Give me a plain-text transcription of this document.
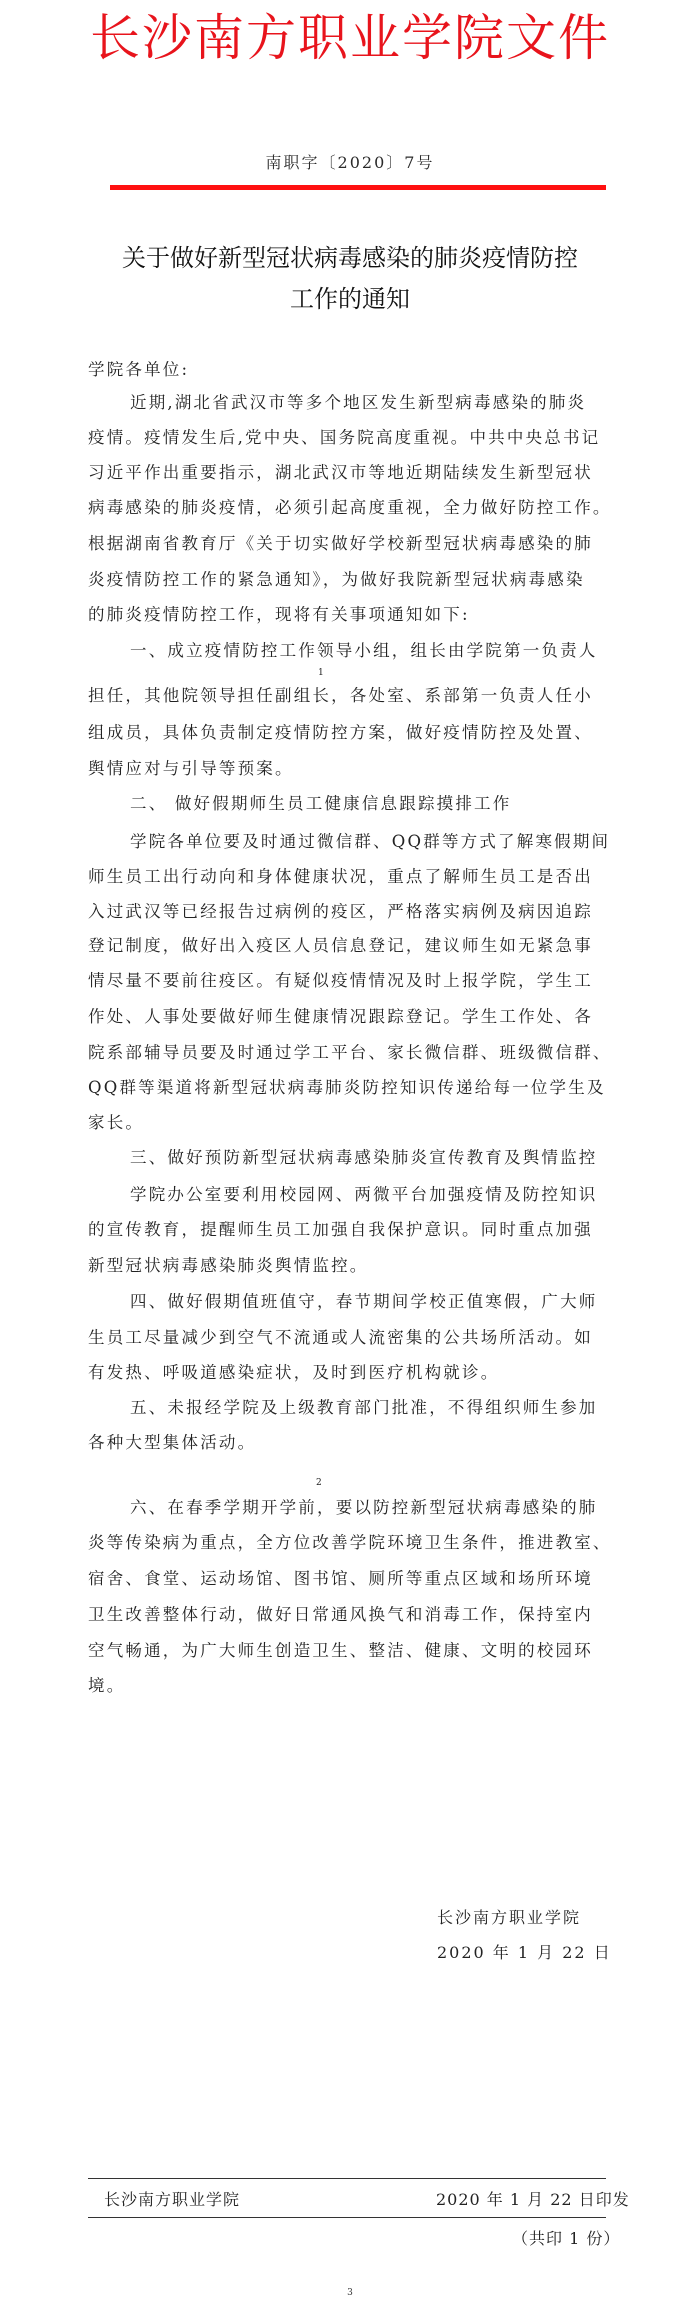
长沙南方职业学院文件
南职字〔2020〕7号
关于做好新型冠状病毒感染的肺炎疫情防控
工作的通知
学院各单位:
近期,湖北省武汉市等多个地区发生新型病毒感染的肺炎
疫情。疫情发生后,党中央、国务院高度重视。中共中央总书记
习近平作出重要指示，湖北武汉市等地近期陆续发生新型冠状
病毒感染的肺炎疫情，必须引起高度重视，全力做好防控工作。
根据湖南省教育厅《关于切实做好学校新型冠状病毒感染的肺
炎疫情防控工作的紧急通知》，为做好我院新型冠状病毒感染
的肺炎疫情防控工作，现将有关事项通知如下:
一、成立疫情防控工作领导小组，组长由学院第一负责人
1
担任，其他院领导担任副组长，各处室、系部第一负责人任小
组成员，具体负责制定疫情防控方案，做好疫情防控及处置、
舆情应对与引导等预案。
二、 做好假期师生员工健康信息跟踪摸排工作
学院各单位要及时通过微信群、QQ群等方式了解寒假期间
师生员工出行动向和身体健康状况，重点了解师生员工是否出
入过武汉等已经报告过病例的疫区，严格落实病例及病因追踪
登记制度，做好出入疫区人员信息登记，建议师生如无紧急事
情尽量不要前往疫区。有疑似疫情情况及时上报学院，学生工
作处、人事处要做好师生健康情况跟踪登记。学生工作处、各
院系部辅导员要及时通过学工平台、家长微信群、班级微信群、
QQ群等渠道将新型冠状病毒肺炎防控知识传递给每一位学生及
家长。
三、做好预防新型冠状病毒感染肺炎宣传教育及舆情监控
学院办公室要利用校园网、两微平台加强疫情及防控知识
的宣传教育，提醒师生员工加强自我保护意识。同时重点加强
新型冠状病毒感染肺炎舆情监控。
四、做好假期值班值守，春节期间学校正值寒假，广大师
生员工尽量减少到空气不流通或人流密集的公共场所活动。如
有发热、呼吸道感染症状，及时到医疗机构就诊。
五、未报经学院及上级教育部门批准，不得组织师生参加
各种大型集体活动。
2
六、在春季学期开学前，要以防控新型冠状病毒感染的肺
炎等传染病为重点，全方位改善学院环境卫生条件，推进教室、
宿舍、食堂、运动场馆、图书馆、厕所等重点区域和场所环境
卫生改善整体行动，做好日常通风换气和消毒工作，保持室内
空气畅通，为广大师生创造卫生、整洁、健康、文明的校园环
境。
长沙南方职业学院
2020 年 1 月 22 日
长沙南方职业学院	2020 年 1 月 22 日印发
（共印 1 份）
3
